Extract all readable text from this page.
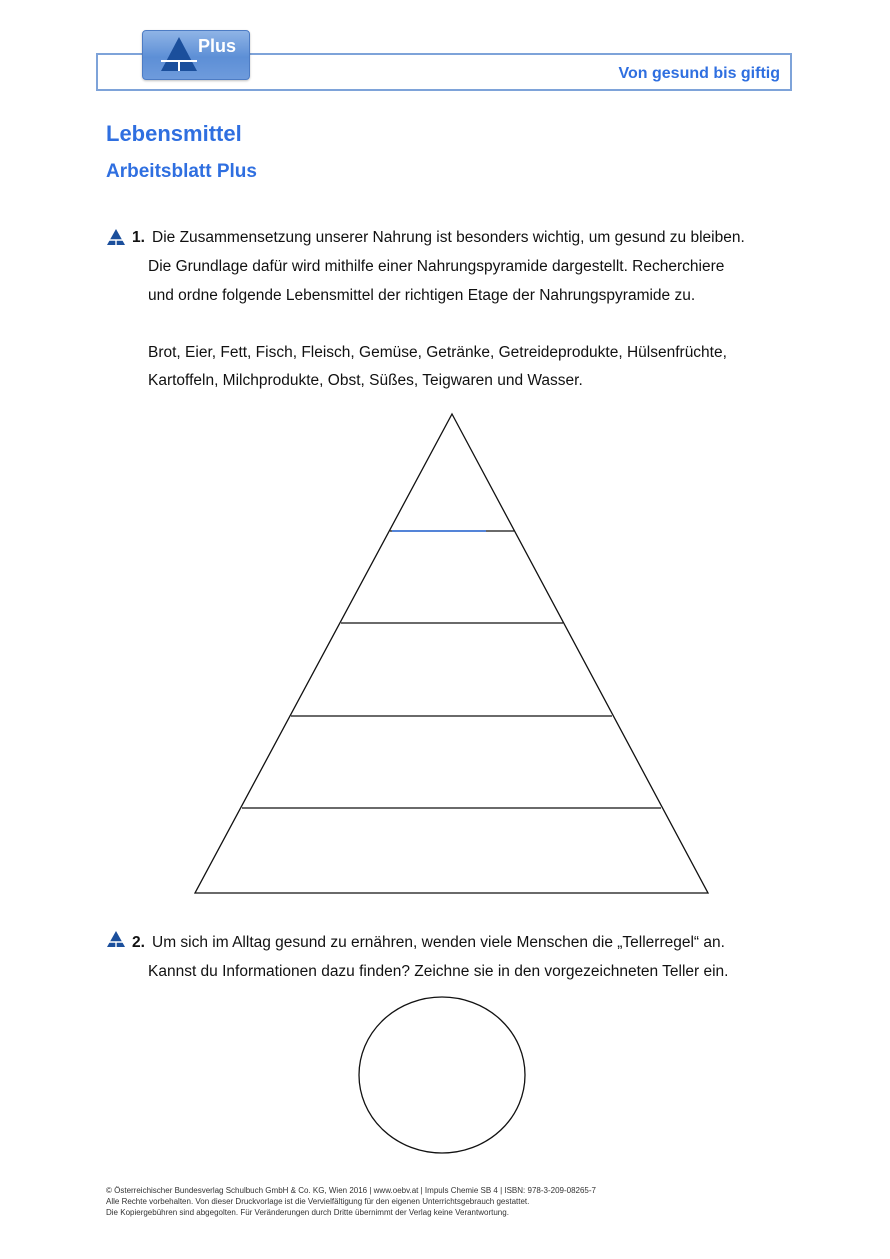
Von gesund bis giftig
Plus
Lebensmittel
Arbeitsblatt Plus
1. Die Zusammensetzung unserer Nahrung ist besonders wichtig, um gesund zu bleiben.
Die Grundlage dafür wird mithilfe einer Nahrungspyramide dargestellt. Recherchiere
und ordne folgende Lebensmittel der richtigen Etage der Nahrungspyramide zu.
Brot, Eier, Fett, Fisch, Fleisch, Gemüse, Getränke, Getreideprodukte, Hülsenfrüchte,
Kartoffeln, Milchprodukte, Obst, Süßes, Teigwaren und Wasser.
2. Um sich im Alltag gesund zu ernähren, wenden viele Menschen die „Tellerregel“ an.
Kannst du Informationen dazu finden? Zeichne sie in den vorgezeichneten Teller ein.
© Österreichischer Bundesverlag Schulbuch GmbH & Co. KG, Wien 2016 | www.oebv.at | Impuls Chemie SB 4 | ISBN: 978-3-209-08265-7
Alle Rechte vorbehalten. Von dieser Druckvorlage ist die Vervielfältigung für den eigenen Unterrichtsgebrauch gestattet.
Die Kopiergebühren sind abgegolten. Für Veränderungen durch Dritte übernimmt der Verlag keine Verantwortung.
